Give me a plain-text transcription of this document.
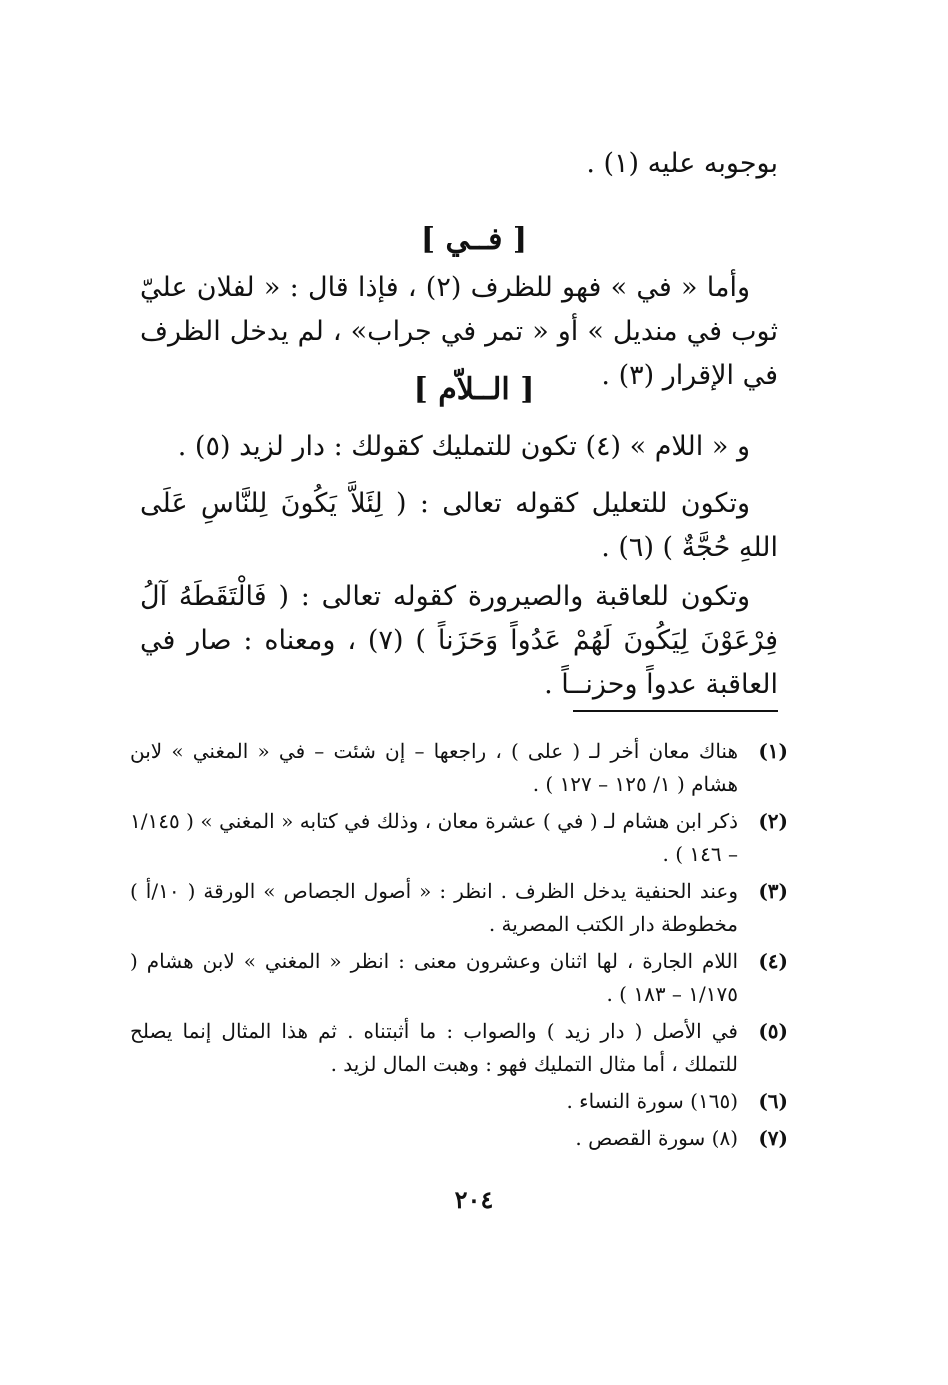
بوجوبه عليه (١) .

[ فــي ]

وأما « في » فهو للظرف (٢) ، فإذا قال : « لفلان عليّ ثوب في منديل » أو « تمر في جراب» ، لم يدخل الظرف في الإقرار (٣) .

[ الــلاّم ]

و « اللام » (٤) تكون للتمليك كقولك : دار لزيد (٥) .

وتكون للتعليل كقوله تعالى : ( لِئَلاَّ يَكُونَ لِلنَّاسِ عَلَى اللهِ حُجَّةٌ ) (٦) .

وتكون للعاقبة والصيرورة كقوله تعالى : ( فَالْتَقَطَهُ آلُ فِرْعَوْنَ لِيَكُونَ لَهُمْ عَدُواً وَحَزَناً ) (٧) ، ومعناه : صار في العاقبة عدواً وحزنــاً .

(١)
هناك معان أخر لـ ( على ) ، راجعها – إن شئت – في « المغني » لابن هشام ( ١/ ١٢٥ – ١٢٧ ) .
(٢)
ذكر ابن هشام لـ ( في ) عشرة معان ، وذلك في كتابه « المغني » ( ١/١٤٥ – ١٤٦ ) .
(٣)
وعند الحنفية يدخل الظرف . انظر : « أصول الجصاص » الورقة ( ١٠/أ ) مخطوطة دار الكتب المصرية .
(٤)
اللام الجارة ، لها اثنان وعشرون معنى : انظر « المغني » لابن هشام ( ١/١٧٥ – ١٨٣ ) .
(٥)
في الأصل ( دار زيد ) والصواب : ما أثبتناه . ثم هذا المثال إنما يصلح للتملك ، أما مثال التمليك فهو : وهبت المال لزيد .
(٦)
(١٦٥) سورة النساء .
(٧)
(٨) سورة القصص .
٢٠٤
